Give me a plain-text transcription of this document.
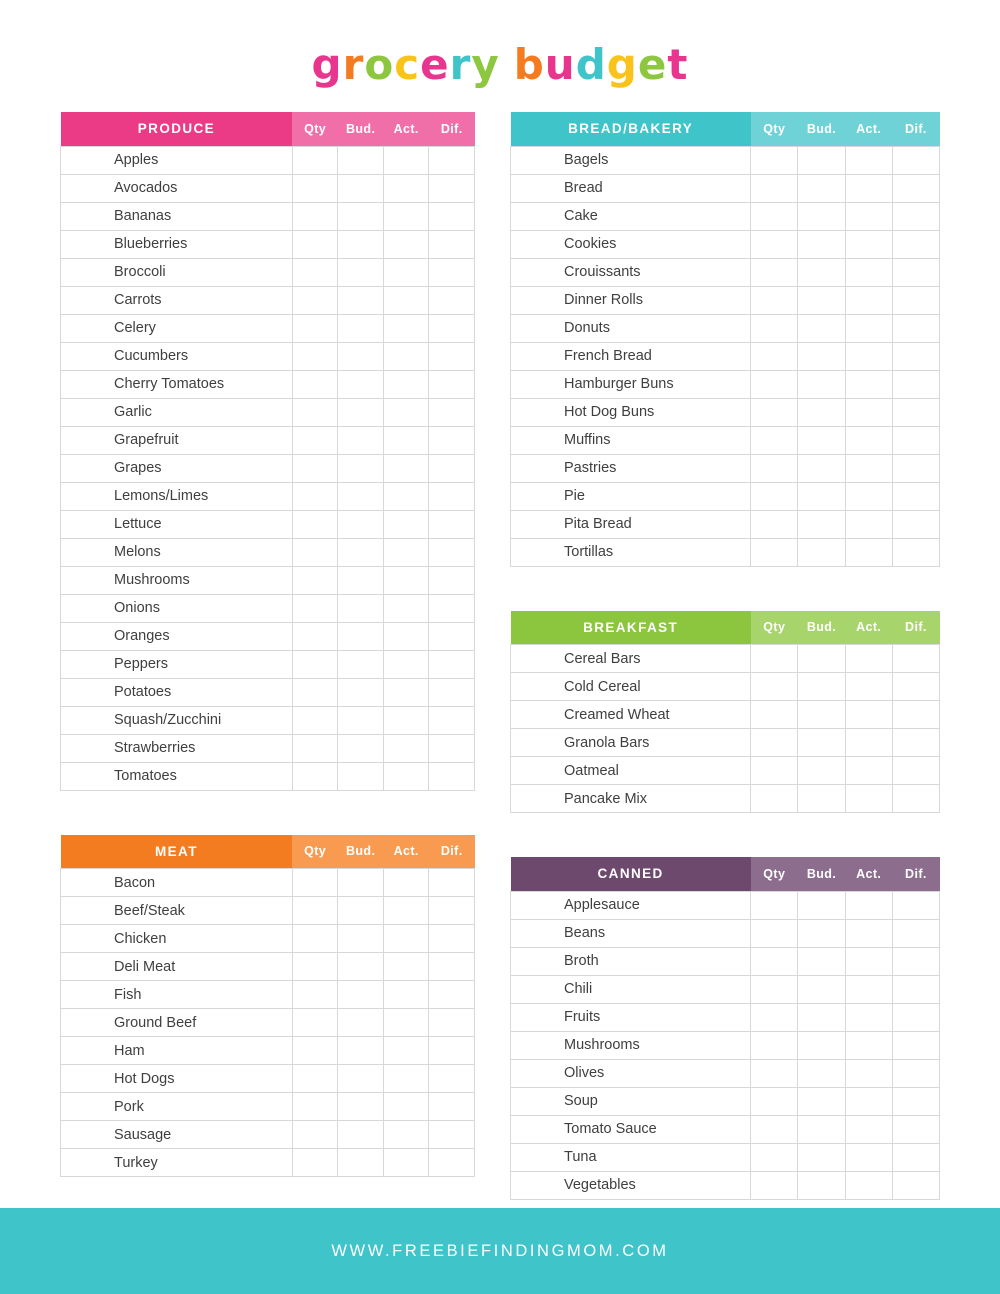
grocery budget
PRODUCE	Qty	Bud.	Act.	Dif.
Apples				
Avocados				
Bananas				
Blueberries				
Broccoli				
Carrots				
Celery				
Cucumbers				
Cherry Tomatoes				
Garlic				
Grapefruit				
Grapes				
Lemons/Limes				
Lettuce				
Melons				
Mushrooms				
Onions				
Oranges				
Peppers				
Potatoes				
Squash/Zucchini				
Strawberries				
Tomatoes				
MEAT	Qty	Bud.	Act.	Dif.
Bacon				
Beef/Steak				
Chicken				
Deli Meat				
Fish				
Ground Beef				
Ham				
Hot Dogs				
Pork				
Sausage				
Turkey				
BREAD/BAKERY	Qty	Bud.	Act.	Dif.
Bagels				
Bread				
Cake				
Cookies				
Crouissants				
Dinner Rolls				
Donuts				
French Bread				
Hamburger Buns				
Hot Dog Buns				
Muffins				
Pastries				
Pie				
Pita Bread				
Tortillas				
BREAKFAST	Qty	Bud.	Act.	Dif.
Cereal Bars				
Cold Cereal				
Creamed Wheat				
Granola Bars				
Oatmeal				
Pancake Mix				
CANNED	Qty	Bud.	Act.	Dif.
Applesauce				
Beans				
Broth				
Chili				
Fruits				
Mushrooms				
Olives				
Soup				
Tomato Sauce				
Tuna				
Vegetables				
WWW.FREEBIEFINDINGMOM.COM
